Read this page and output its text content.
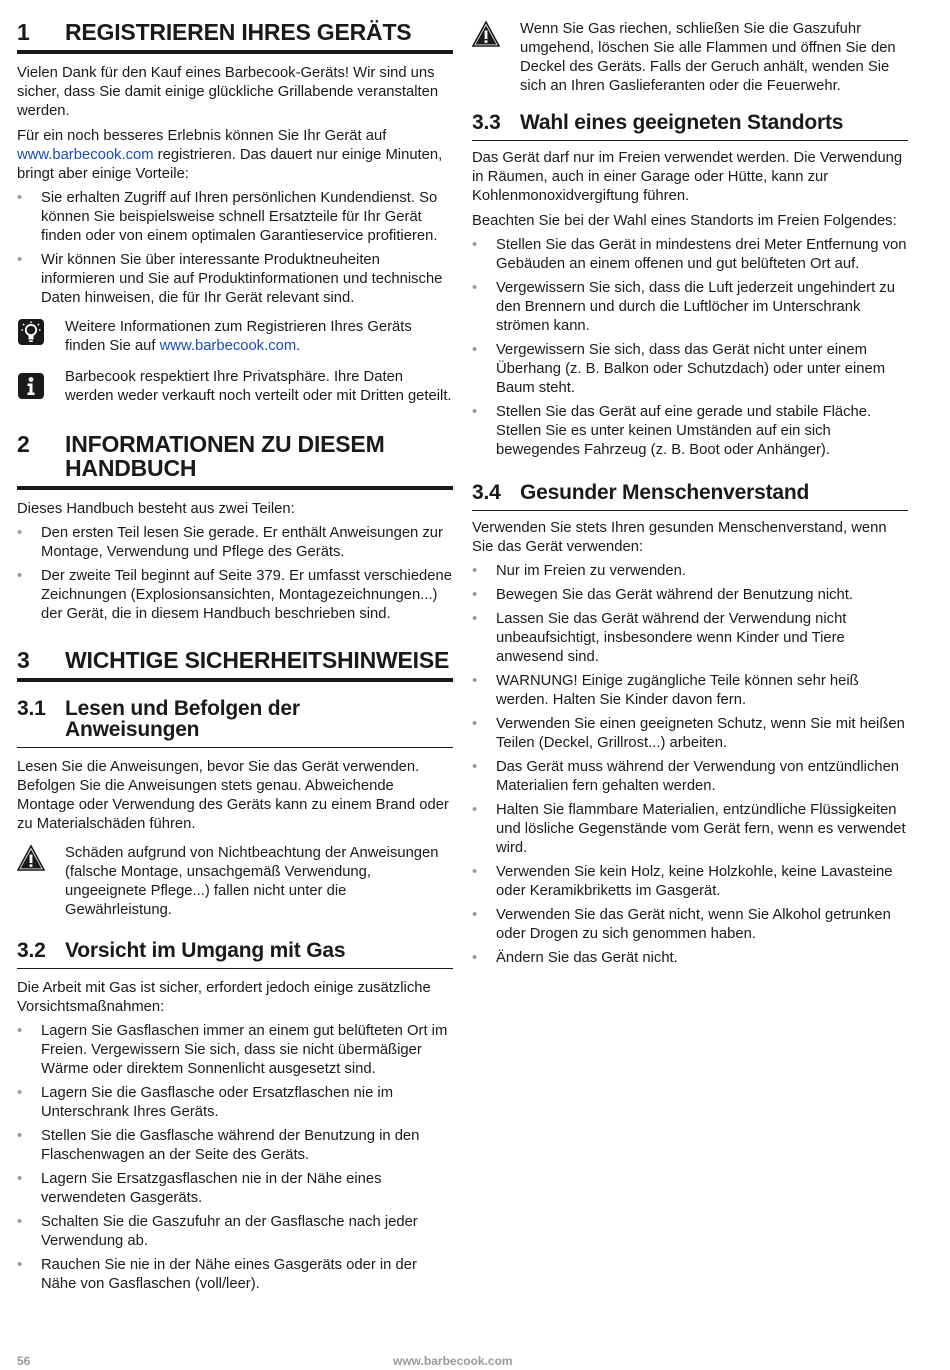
1 REGISTRIEREN IHRES GERÄTS

Vielen Dank für den Kauf eines Barbecook-Geräts! Wir sind uns sicher, dass Sie damit einige glückliche Grillabende veranstalten werden.

Für ein noch besseres Erlebnis können Sie Ihr Gerät auf www.barbecook.com registrieren. Das dauert nur einige Minuten, bringt aber einige Vorteile:

• Sie erhalten Zugriff auf Ihren persönlichen Kundendienst. So können Sie beispielsweise schnell Ersatzteile für Ihr Gerät finden oder von einem optimalen Garantieservice profitieren.
• Wir können Sie über interessante Produktneuheiten informieren und Sie auf Produktinformationen und technische Daten hinweisen, die für Ihr Gerät relevant sind.
Weitere Informationen zum Registrieren Ihres Geräts finden Sie auf www.barbecook.com.
Barbecook respektiert Ihre Privatsphäre. Ihre Daten werden weder verkauft noch verteilt oder mit Dritten geteilt.
2 INFORMATIONEN ZU DIESEM
HANDBUCH

Dieses Handbuch besteht aus zwei Teilen:

• Den ersten Teil lesen Sie gerade. Er enthält Anweisungen zur Montage, Verwendung und Pflege des Geräts.
• Der zweite Teil beginnt auf Seite 379. Er umfasst verschiedene Zeichnungen (Explosionsansichten, Montagezeichnungen...) der Gerät, die in diesem Handbuch beschrieben sind.
3 WICHTIGE SICHERHEITSHINWEISE
3.1 Lesen und Befolgen der
Anweisungen

Lesen Sie die Anweisungen, bevor Sie das Gerät verwenden. Befolgen Sie die Anweisungen stets genau. Abweichende Montage oder Verwendung des Geräts kann zu einem Brand oder zu Materialschäden führen.

Schäden aufgrund von Nichtbeachtung der Anweisungen (falsche Montage, unsachgemäß Verwendung, ungeeignete Pflege...) fallen nicht unter die Gewährleistung.
3.2 Vorsicht im Umgang mit Gas

Die Arbeit mit Gas ist sicher, erfordert jedoch einige zusätzliche Vorsichtsmaßnahmen:

• Lagern Sie Gasflaschen immer an einem gut belüfteten Ort im Freien. Vergewissern Sie sich, dass sie nicht übermäßiger Wärme oder direktem Sonnenlicht ausgesetzt sind.
• Lagern Sie die Gasflasche oder Ersatzflaschen nie im Unterschrank Ihres Geräts.
• Stellen Sie die Gasflasche während der Benutzung in den Flaschenwagen an der Seite des Geräts.
• Lagern Sie Ersatzgasflaschen nie in der Nähe eines verwendeten Gasgeräts.
• Schalten Sie die Gaszufuhr an der Gasflasche nach jeder Verwendung ab.
• Rauchen Sie nie in der Nähe eines Gasgeräts oder in der Nähe von Gasflaschen (voll/leer).
Wenn Sie Gas riechen, schließen Sie die Gaszufuhr umgehend, löschen Sie alle Flammen und öffnen Sie den Deckel des Geräts. Falls der Geruch anhält, wenden Sie sich an Ihren Gaslieferanten oder die Feuerwehr.
3.3 Wahl eines geeigneten Standorts

Das Gerät darf nur im Freien verwendet werden. Die Verwendung in Räumen, auch in einer Garage oder Hütte, kann zur Kohlenmonoxidvergiftung führen.

Beachten Sie bei der Wahl eines Standorts im Freien Folgendes:

• Stellen Sie das Gerät in mindestens drei Meter Entfernung von Gebäuden an einem offenen und gut belüfteten Ort auf.
• Vergewissern Sie sich, dass die Luft jederzeit ungehindert zu den Brennern und durch die Luftlöcher im Unterschrank strömen kann.
• Vergewissern Sie sich, dass das Gerät nicht unter einem Überhang (z. B. Balkon oder Schutzdach) oder unter einem Baum steht.
• Stellen Sie das Gerät auf eine gerade und stabile Fläche. Stellen Sie es unter keinen Umständen auf ein sich bewegendes Fahrzeug (z. B. Boot oder Anhänger).
3.4 Gesunder Menschenverstand

Verwenden Sie stets Ihren gesunden Menschenverstand, wenn Sie das Gerät verwenden:

• Nur im Freien zu verwenden.
• Bewegen Sie das Gerät während der Benutzung nicht.
• Lassen Sie das Gerät während der Verwendung nicht unbeaufsichtigt, insbesondere wenn Kinder und Tiere anwesend sind.
• WARNUNG! Einige zugängliche Teile können sehr heiß werden. Halten Sie Kinder davon fern.
• Verwenden Sie einen geeigneten Schutz, wenn Sie mit heißen Teilen (Deckel, Grillrost...) arbeiten.
• Das Gerät muss während der Verwendung von entzündlichen Materialien fern gehalten werden.
• Halten Sie flammbare Materialien, entzündliche Flüssigkeiten und lösliche Gegenstände vom Gerät fern, wenn es verwendet wird.
• Verwenden Sie kein Holz, keine Holzkohle, keine Lavasteine oder Keramikbriketts im Gasgerät.
• Verwenden Sie das Gerät nicht, wenn Sie Alkohol getrunken oder Drogen zu sich genommen haben.
• Ändern Sie das Gerät nicht.
56	www.barbecook.com
